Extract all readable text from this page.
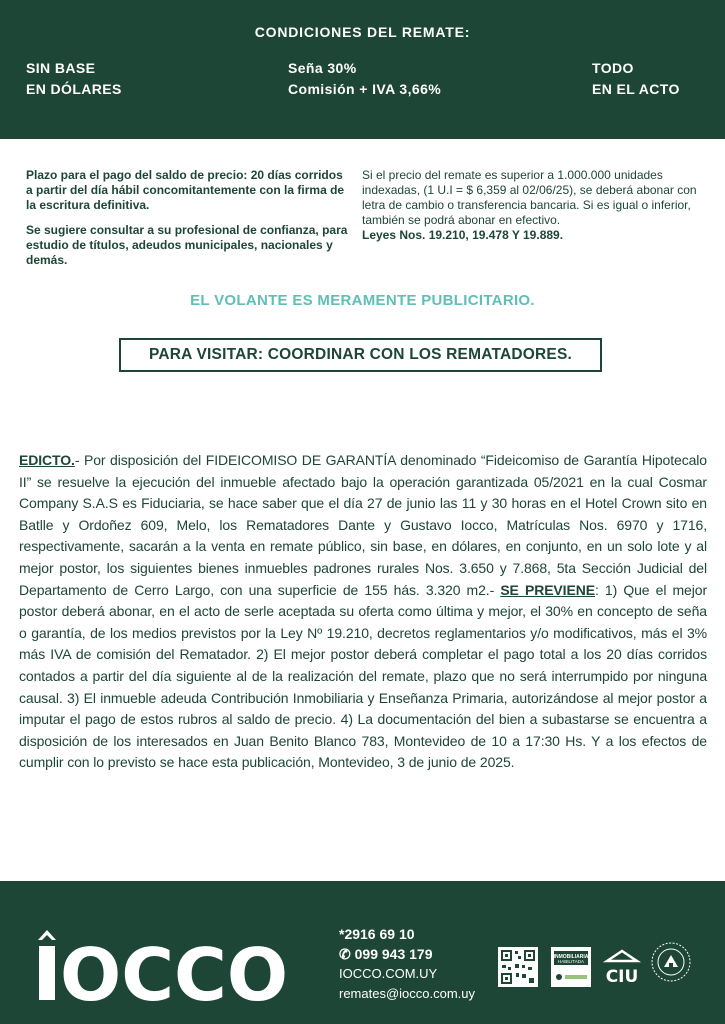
CONDICIONES DEL REMATE:
SIN BASE
EN DÓLARES
Seña 30%
Comisión + IVA 3,66%
TODO
EN EL ACTO

Plazo para el pago del saldo de precio: 20 días corridos a partir del día hábil concomitantemente con la firma de la escritura definitiva.

Se sugiere consultar a su profesional de confianza, para estudio de títulos, adeudos municipales, nacionales y demás.

Si el precio del remate es superior a 1.000.000 unidades indexadas, (1 U.I = $ 6,359 al 02/06/25), se deberá abonar con letra de cambio o transferencia bancaria. Si es igual o inferior, también se podrá abonar en efectivo.
Leyes Nos. 19.210, 19.478 Y 19.889.
EL VOLANTE ES MERAMENTE PUBLICITARIO.
PARA VISITAR: COORDINAR CON LOS REMATADORES.
EDICTO.- Por disposición del FIDEICOMISO DE GARANTÍA denominado “Fideicomiso de Garantía Hipotecalo II” se resuelve la ejecución del inmueble afectado bajo la operación garantizada 05/2021 en la cual Cosmar Company S.A.S es Fiduciaria, se hace saber que el día 27 de junio las 11 y 30 horas en el Hotel Crown sito en Batlle y Ordoñez 609, Melo, los Rematadores Dante y Gustavo Iocco, Matrículas Nos. 6970 y 1716, respectivamente, sacarán a la venta en remate público, sin base, en dólares, en conjunto, en un solo lote y al mejor postor, los siguientes bienes inmuebles padrones rurales Nos. 3.650 y 7.868, 5ta Sección Judicial del Departamento de Cerro Largo, con una superficie de 155 hás. 3.320 m2.- SE PREVIENE: 1) Que el mejor postor deberá abonar, en el acto de serle aceptada su oferta como última y mejor, el 30% en concepto de seña o garantía, de los medios previstos por la Ley Nº 19.210, decretos reglamentarios y/o modificativos, más el 3% más IVA de comisión del Rematador. 2) El mejor postor deberá completar el pago total a los 20 días corridos contados a partir del día siguiente al de la realización del remate, plazo que no será interrumpido por ninguna causal. 3) El inmueble adeuda Contribución Inmobiliaria y Enseñanza Primaria, autorizándose al mejor postor a imputar el pago de estos rubros al saldo de precio. 4) La documentación del bien a subastarse se encuentra a disposición de los interesados en Juan Benito Blanco 783, Montevideo de 10 a 17:30 Hs. Y a los efectos de cumplir con lo previsto se hace esta publicación, Montevideo, 3 de junio de 2025.
OCCO	*2916 69 10
✆ 099 943 179
IOCCO.COM.UY
remates@iocco.com.uy
INMOBILIARIA
HABILITADA
CIU
